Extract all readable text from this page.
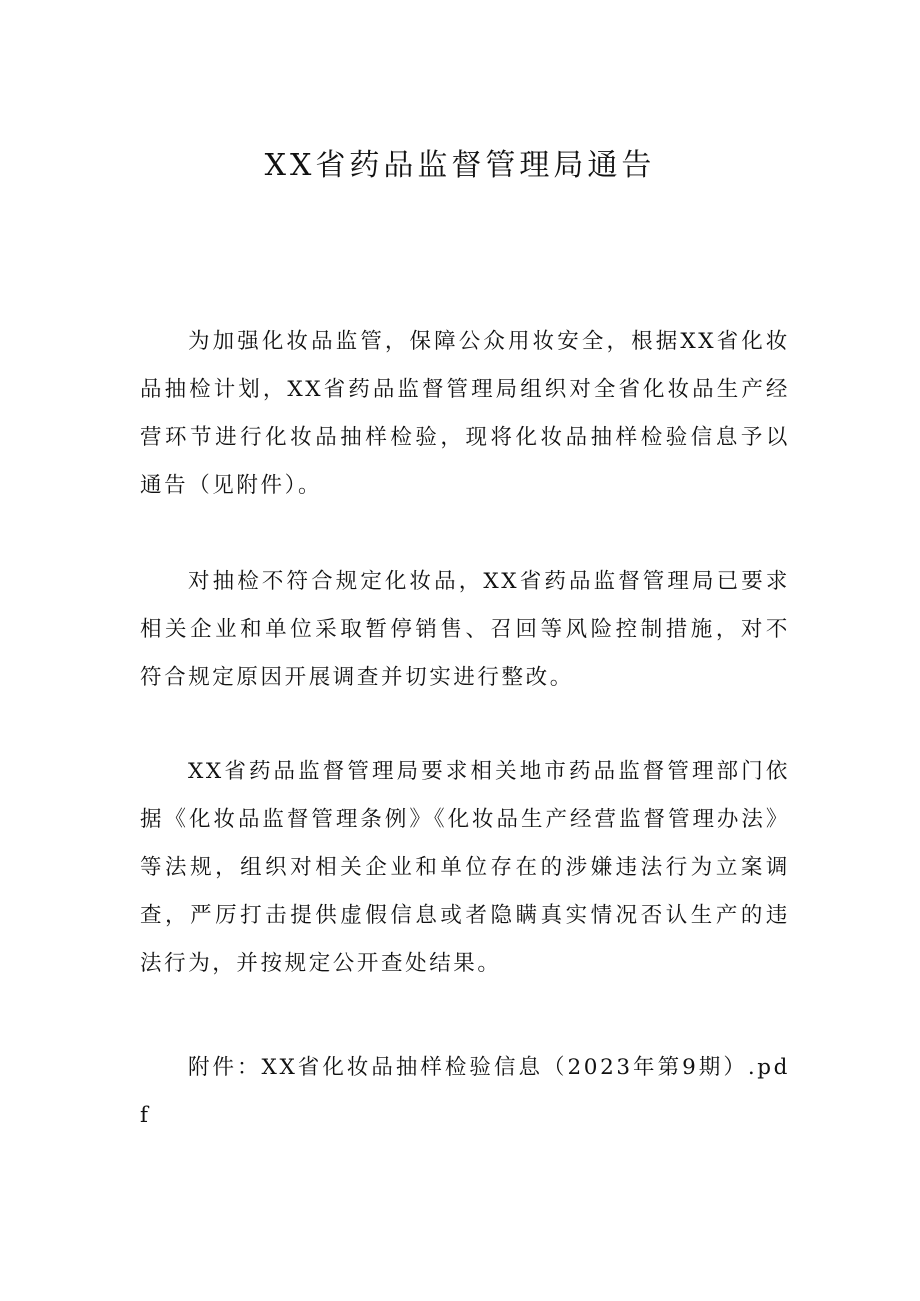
XX省药品监督管理局通告

为加强化妆品监管，保障公众用妆安全，根据XX省化妆品抽检计划，XX省药品监督管理局组织对全省化妆品生产经营环节进行化妆品抽样检验，现将化妆品抽样检验信息予以通告（见附件）。

对抽检不符合规定化妆品，XX省药品监督管理局已要求相关企业和单位采取暂停销售、召回等风险控制措施，对不符合规定原因开展调查并切实进行整改。

XX省药品监督管理局要求相关地市药品监督管理部门依据《化妆品监督管理条例》《化妆品生产经营监督管理办法》等法规，组织对相关企业和单位存在的涉嫌违法行为立案调查，严厉打击提供虚假信息或者隐瞒真实情况否认生产的违法行为，并按规定公开查处结果。

附件：XX省化妆品抽样检验信息（2023年第9期）.pdf
